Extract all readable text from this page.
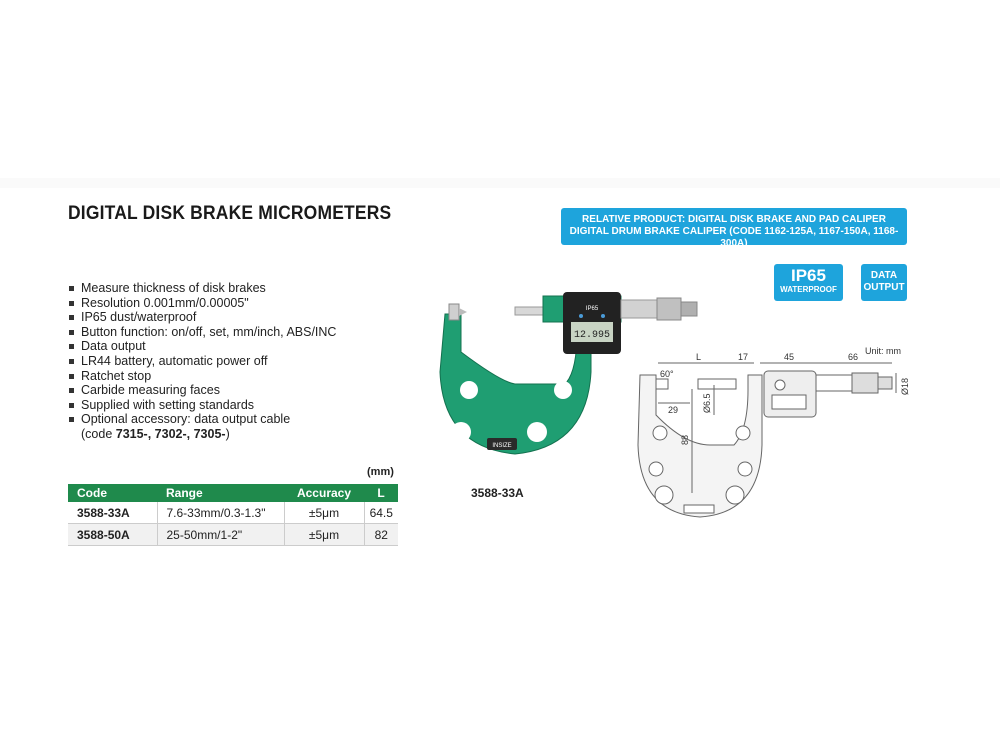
DIGITAL DISK BRAKE MICROMETERS	RELATIVE PRODUCT: DIGITAL DISK BRAKE AND PAD CALIPER
DIGITAL DRUM BRAKE CALIPER (CODE 1162-125A, 1167-150A, 1168-300A)
IP65
WATERPROOF
DATA
OUTPUT
Measure thickness of disk brakes
Resolution 0.001mm/0.00005"
IP65 dust/waterproof
Button function: on/off, set, mm/inch, ABS/INC
Data output
LR44 battery, automatic power off
Ratchet stop
Carbide measuring faces
Supplied with setting standards
Optional accessory: data output cable
(code 7315-, 7302-, 7305-)
(mm)
Code	Range	Accuracy	L
3588-33A	7.6-33mm/0.3-1.3"	±5μm	64.5
3588-50A	25-50mm/1-2"	±5μm	82
INSIZE
12.995
IP65
3588-33A
Unit: mm
L	17	45	66
60°
29	Ø6.5
88
Ø18
